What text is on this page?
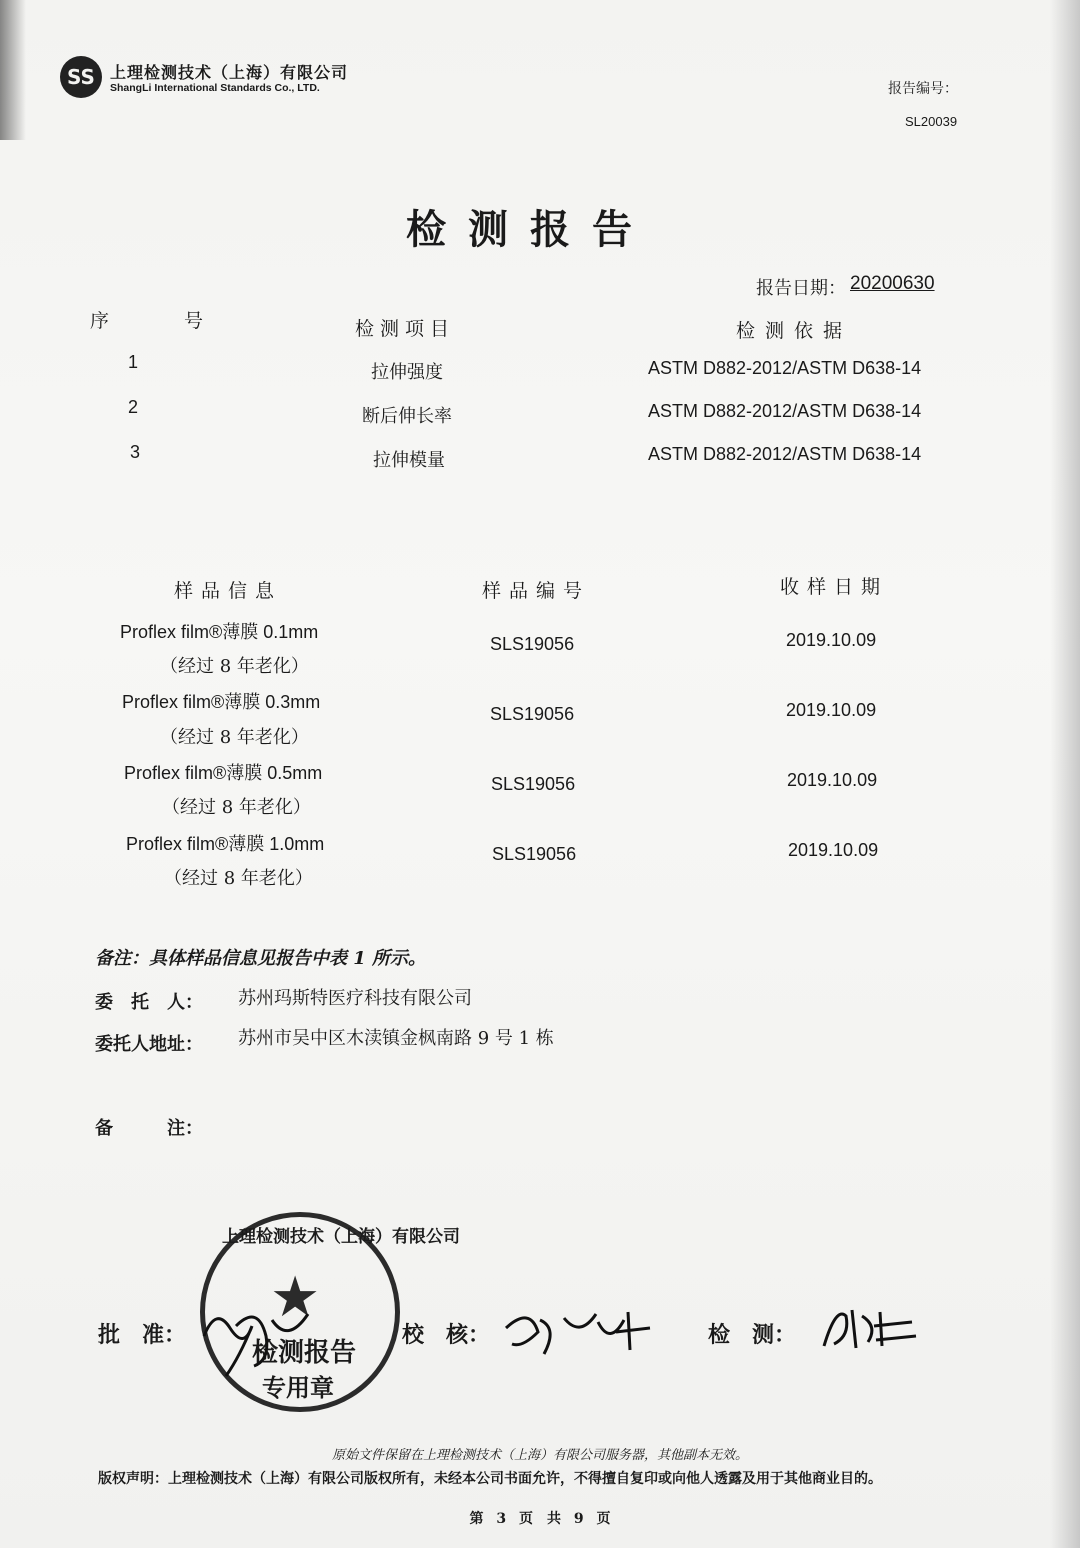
SS 上理检测技术（上海）有限公司
ShangLi International Standards Co., LTD.	报告编号：
SL20039
检测报告
报告日期： 20200630
序　号	检测项目	检测依据
1	拉伸强度	ASTM D882-2012/ASTM D638-14
2	断后伸长率	ASTM D882-2012/ASTM D638-14
3	拉伸模量	ASTM D882-2012/ASTM D638-14
样品信息	样品编号	收样日期
Proflex film®薄膜 0.1mm
（经过 8 年老化）
SLS19056	2019.10.09
Proflex film®薄膜 0.3mm
（经过 8 年老化）
SLS19056	2019.10.09
Proflex film®薄膜 0.5mm
（经过 8 年老化）
SLS19056	2019.10.09
Proflex film®薄膜 1.0mm
（经过 8 年老化）
SLS19056	2019.10.09
备注：具体样品信息见报告中表 1 所示。
委　托　人： 苏州玛斯特医疗科技有限公司
委托人地址： 苏州市吴中区木渎镇金枫南路 9 号 1 栋
备　　　注：
上理检测技术（上海）有限公司
★
检测报告
专用章
批　准：	校　核：	检　测：
原始文件保留在上理检测技术（上海）有限公司服务器，其他副本无效。
版权声明：上理检测技术（上海）有限公司版权所有，未经本公司书面允许，不得擅自复印或向他人透露及用于其他商业目的。
第 3 页　共 9 页
